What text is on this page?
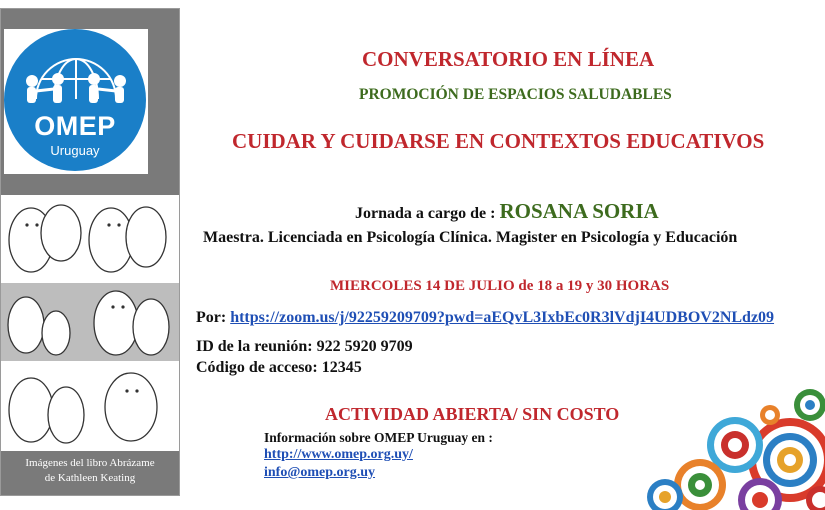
OMEP
Uruguay
Imágenes del libro Abrázame
de Kathleen Keating
CONVERSATORIO EN LÍNEA
PROMOCIÓN DE ESPACIOS SALUDABLES
CUIDAR Y CUIDARSE EN CONTEXTOS EDUCATIVOS
Jornada a cargo de : ROSANA SORIA
Maestra. Licenciada en Psicología Clínica. Magister en Psicología y Educación
MIERCOLES 14 DE JULIO de 18 a 19 y 30 HORAS
Por: https://zoom.us/j/92259209709?pwd=aEQvL3IxbEc0R3lVdjI4UDBOV2NLdz09
ID de la reunión: 922 5920 9709
Código de acceso: 12345
ACTIVIDAD ABIERTA/ SIN COSTO
Información sobre OMEP Uruguay en :
http://www.omep.org.uy/
info@omep.org.uy
